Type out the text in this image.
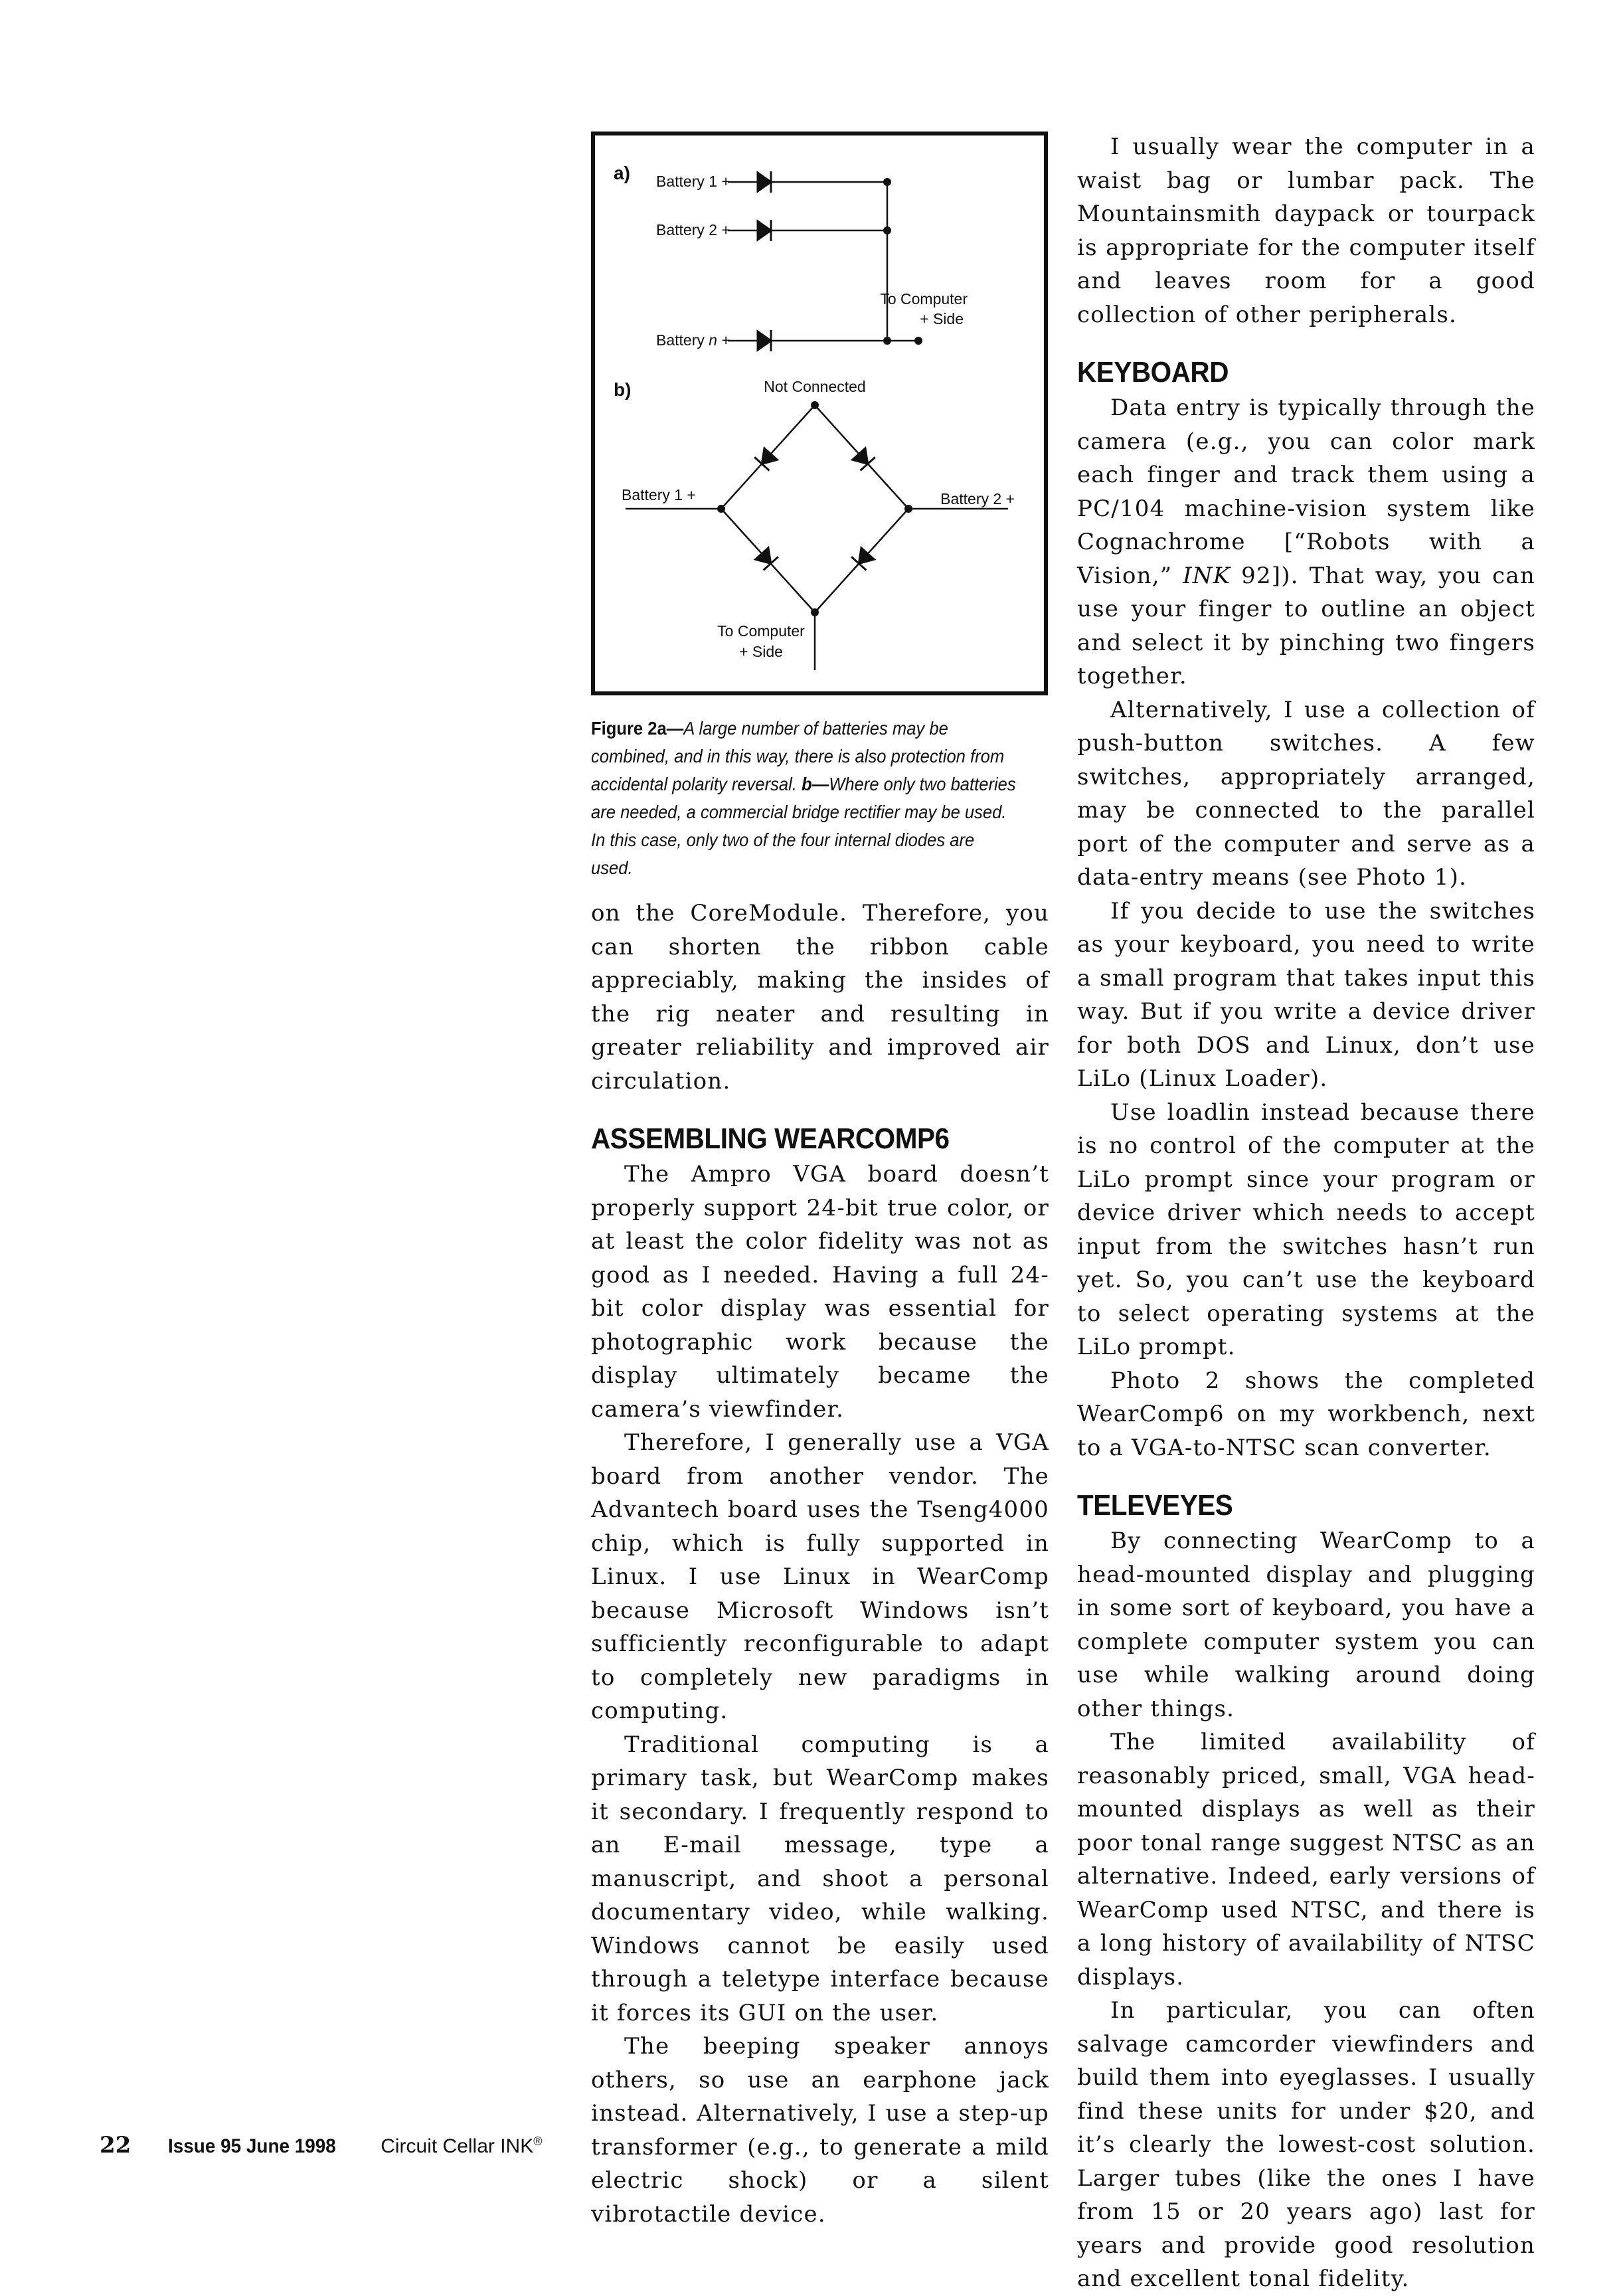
a) Battery 1 +
Battery 2 +
Battery n +
To Computer
+ Side
b)	Not Connected
Battery 1 +	Battery 2 +
To Computer
+ Side
Figure 2a—A large number of batteries may be combined, and in this way, there is also protection from accidental polarity reversal. b—Where only two batteries are needed, a commercial bridge rectifier may be used. In this case, only two of the four internal diodes are used.

on the CoreModule. Therefore, you can shorten the ribbon cable appreciably, making the insides of the rig neater and resulting in greater reliability and improved air circulation.

ASSEMBLING WEARCOMP6

The Ampro VGA board doesn’t properly support 24-bit true color, or at least the color fidelity was not as good as I needed. Having a full 24-bit color display was essential for photographic work because the display ultimately became the camera’s viewfinder.

Therefore, I generally use a VGA board from another vendor. The Advantech board uses the Tseng4000 chip, which is fully supported in Linux. I use Linux in WearComp because Microsoft Windows isn’t sufficiently reconfigurable to adapt to completely new paradigms in computing.

Traditional computing is a primary task, but WearComp makes it secondary. I frequently respond to an E-mail message, type a manuscript, and shoot a personal documentary video, while walking. Windows cannot be easily used through a teletype interface because it forces its GUI on the user.

The beeping speaker annoys others, so use an earphone jack instead. Alternatively, I use a step-up transformer (e.g., to generate a mild electric shock) or a silent vibrotactile device.

I usually wear the computer in a waist bag or lumbar pack. The Mountainsmith daypack or tourpack is appropriate for the computer itself and leaves room for a good collection of other peripherals.

KEYBOARD

Data entry is typically through the camera (e.g., you can color mark each finger and track them using a PC/104 machine-vision system like Cognachrome [“Robots with a Vision,” INK 92]). That way, you can use your finger to outline an object and select it by pinching two fingers together.

Alternatively, I use a collection of push-button switches. A few switches, appropriately arranged, may be connected to the parallel port of the computer and serve as a data-entry means (see Photo 1).

If you decide to use the switches as your keyboard, you need to write a small program that takes input this way. But if you write a device driver for both DOS and Linux, don’t use LiLo (Linux Loader).

Use loadlin instead because there is no control of the computer at the LiLo prompt since your program or device driver which needs to accept input from the switches hasn’t run yet. So, you can’t use the keyboard to select operating systems at the LiLo prompt.

Photo 2 shows the completed WearComp6 on my workbench, next to a VGA-to-NTSC scan converter.

TELEVEYES

By connecting WearComp to a head-mounted display and plugging in some sort of keyboard, you have a complete computer system you can use while walking around doing other things.

The limited availability of reasonably priced, small, VGA head-mounted displays as well as their poor tonal range suggest NTSC as an alternative. Indeed, early versions of WearComp used NTSC, and there is a long history of availability of NTSC displays.

In particular, you can often salvage camcorder viewfinders and build them into eyeglasses. I usually find these units for under $20, and it’s clearly the lowest-cost solution. Larger tubes (like the ones I have from 15 or 20 years ago) last for years and provide good resolution and excellent tonal fidelity.

22 Issue 95 June 1998 Circuit Cellar INK®
